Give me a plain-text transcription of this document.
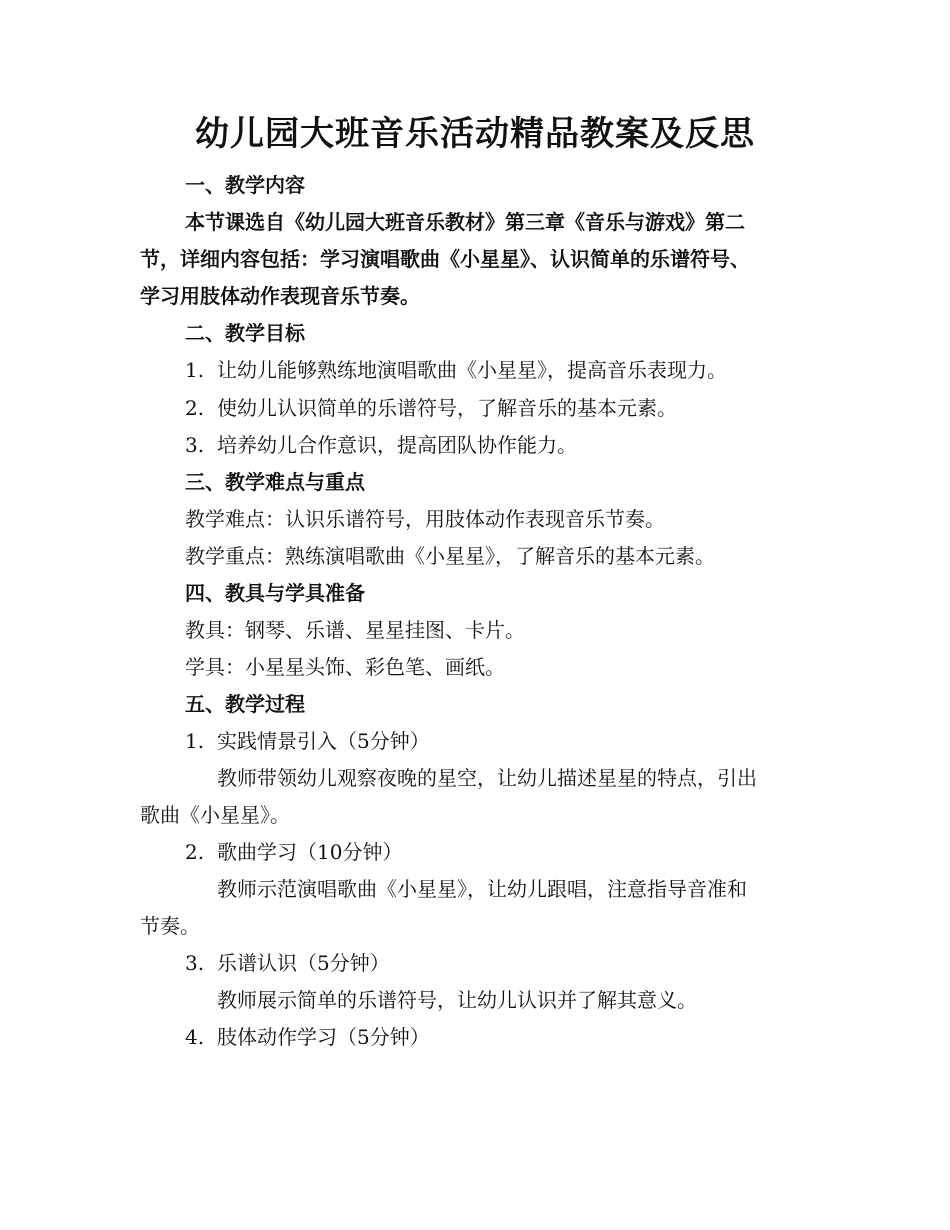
幼儿园大班音乐活动精品教案及反思
一、教学内容
本节课选自《幼儿园大班音乐教材》第三章《音乐与游戏》第二
节，详细内容包括：学习演唱歌曲《小星星》、认识简单的乐谱符号、
学习用肢体动作表现音乐节奏。
二、教学目标
1. 让幼儿能够熟练地演唱歌曲《小星星》，提高音乐表现力。
2. 使幼儿认识简单的乐谱符号，了解音乐的基本元素。
3. 培养幼儿合作意识，提高团队协作能力。
三、教学难点与重点
教学难点：认识乐谱符号，用肢体动作表现音乐节奏。
教学重点：熟练演唱歌曲《小星星》，了解音乐的基本元素。
四、教具与学具准备
教具：钢琴、乐谱、星星挂图、卡片。
学具：小星星头饰、彩色笔、画纸。
五、教学过程
1. 实践情景引入（5分钟）
教师带领幼儿观察夜晚的星空，让幼儿描述星星的特点，引出
歌曲《小星星》。
2. 歌曲学习（10分钟）
教师示范演唱歌曲《小星星》，让幼儿跟唱，注意指导音准和
节奏。
3. 乐谱认识（5分钟）
教师展示简单的乐谱符号，让幼儿认识并了解其意义。
4. 肢体动作学习（5分钟）
